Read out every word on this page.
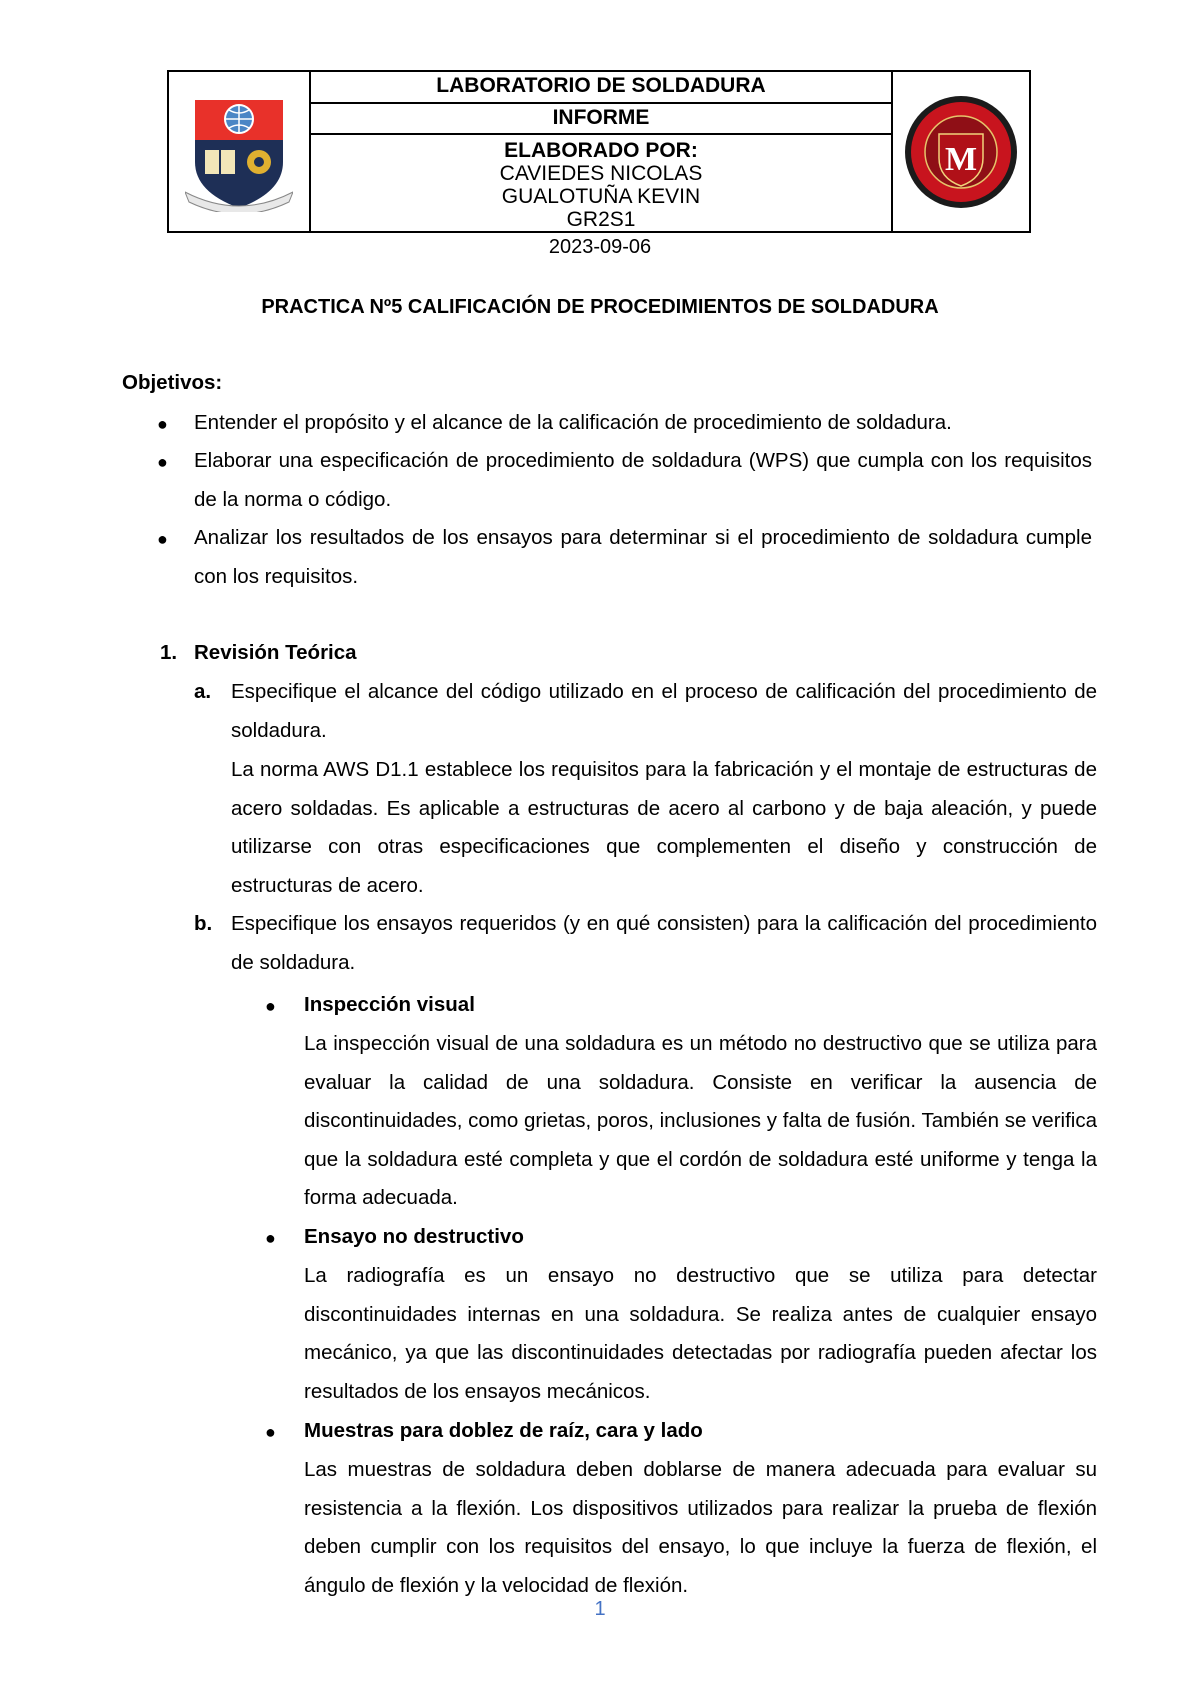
LABORATORIO DE SOLDADURA
INFORME
ELABORADO POR:
CAVIEDES NICOLAS
GUALOTUÑA KEVIN
GR2S1
M
2023-09-06
PRACTICA Nº5 CALIFICACIÓN DE PROCEDIMIENTOS DE SOLDADURA
Objetivos:
● Entender el propósito y el alcance de la calificación de procedimiento de soldadura.
● Elaborar una especificación de procedimiento de soldadura (WPS) que cumpla con los requisitos de la norma o código.
● Analizar los resultados de los ensayos para determinar si el procedimiento de soldadura cumple con los requisitos.
1. Revisión Teórica
a. Especifique el alcance del código utilizado en el proceso de calificación del procedimiento de soldadura.
La norma AWS D1.1 establece los requisitos para la fabricación y el montaje de estructuras de acero soldadas. Es aplicable a estructuras de acero al carbono y de baja aleación, y puede utilizarse con otras especificaciones que complementen el diseño y construcción de estructuras de acero.
b. Especifique los ensayos requeridos (y en qué consisten) para la calificación del procedimiento de soldadura.
● Inspección visual
La inspección visual de una soldadura es un método no destructivo que se utiliza para evaluar la calidad de una soldadura. Consiste en verificar la ausencia de discontinuidades, como grietas, poros, inclusiones y falta de fusión. También se verifica que la soldadura esté completa y que el cordón de soldadura esté uniforme y tenga la forma adecuada.
● Ensayo no destructivo
La radiografía es un ensayo no destructivo que se utiliza para detectar discontinuidades internas en una soldadura. Se realiza antes de cualquier ensayo mecánico, ya que las discontinuidades detectadas por radiografía pueden afectar los resultados de los ensayos mecánicos.
● Muestras para doblez de raíz, cara y lado
Las muestras de soldadura deben doblarse de manera adecuada para evaluar su resistencia a la flexión. Los dispositivos utilizados para realizar la prueba de flexión deben cumplir con los requisitos del ensayo, lo que incluye la fuerza de flexión, el ángulo de flexión y la velocidad de flexión.
1
